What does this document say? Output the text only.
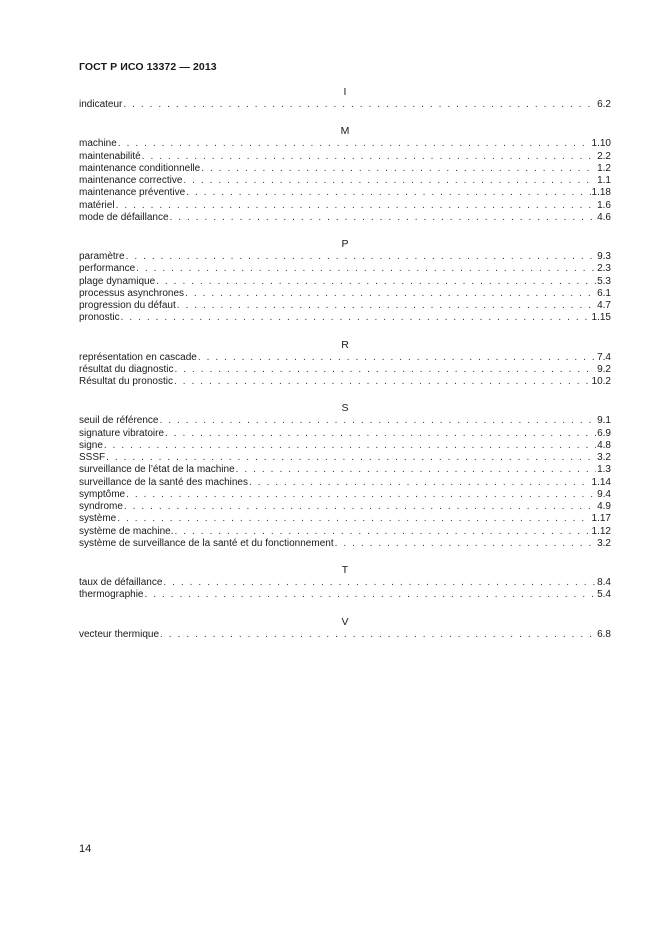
ГОСТ Р ИСО 13372 — 2013
I
indicateur . . .	6.2
M
machine . . .	1.10
maintenabilité . . .	2.2
maintenance conditionnelle . . .	1.2
maintenance corrective . . .	1.1
maintenance préventive . . .	1.18
matériel . . .	1.6
mode de défaillance . . .	4.6
P
paramètre . . .	9.3
performance . . .	2.3
plage dynamique . . .	5.3
processus asynchrones . . .	6.1
progression du défaut . . .	4.7
pronostic . . .	1.15
R
représentation en cascade . . .	7.4
résultat du diagnostic . . .	9.2
Résultat du pronostic . . .	10.2
S
seuil de référence . . .	9.1
signature vibratoire . . .	6.9
signe . . .	4.8
SSSF . . .	3.2
surveillance de l’état de la machine . . .	1.3
surveillance de la santé des machines . . .	1.14
symptôme . . .	9.4
syndrome . . .	4.9
système . . .	1.17
système de machine. . . .	1.12
système de surveillance de la santé et du fonctionnement . . .	3.2
T
taux de défaillance . . .	8.4
thermographie . . .	5.4
V
vecteur thermique . . .	6.8
14
